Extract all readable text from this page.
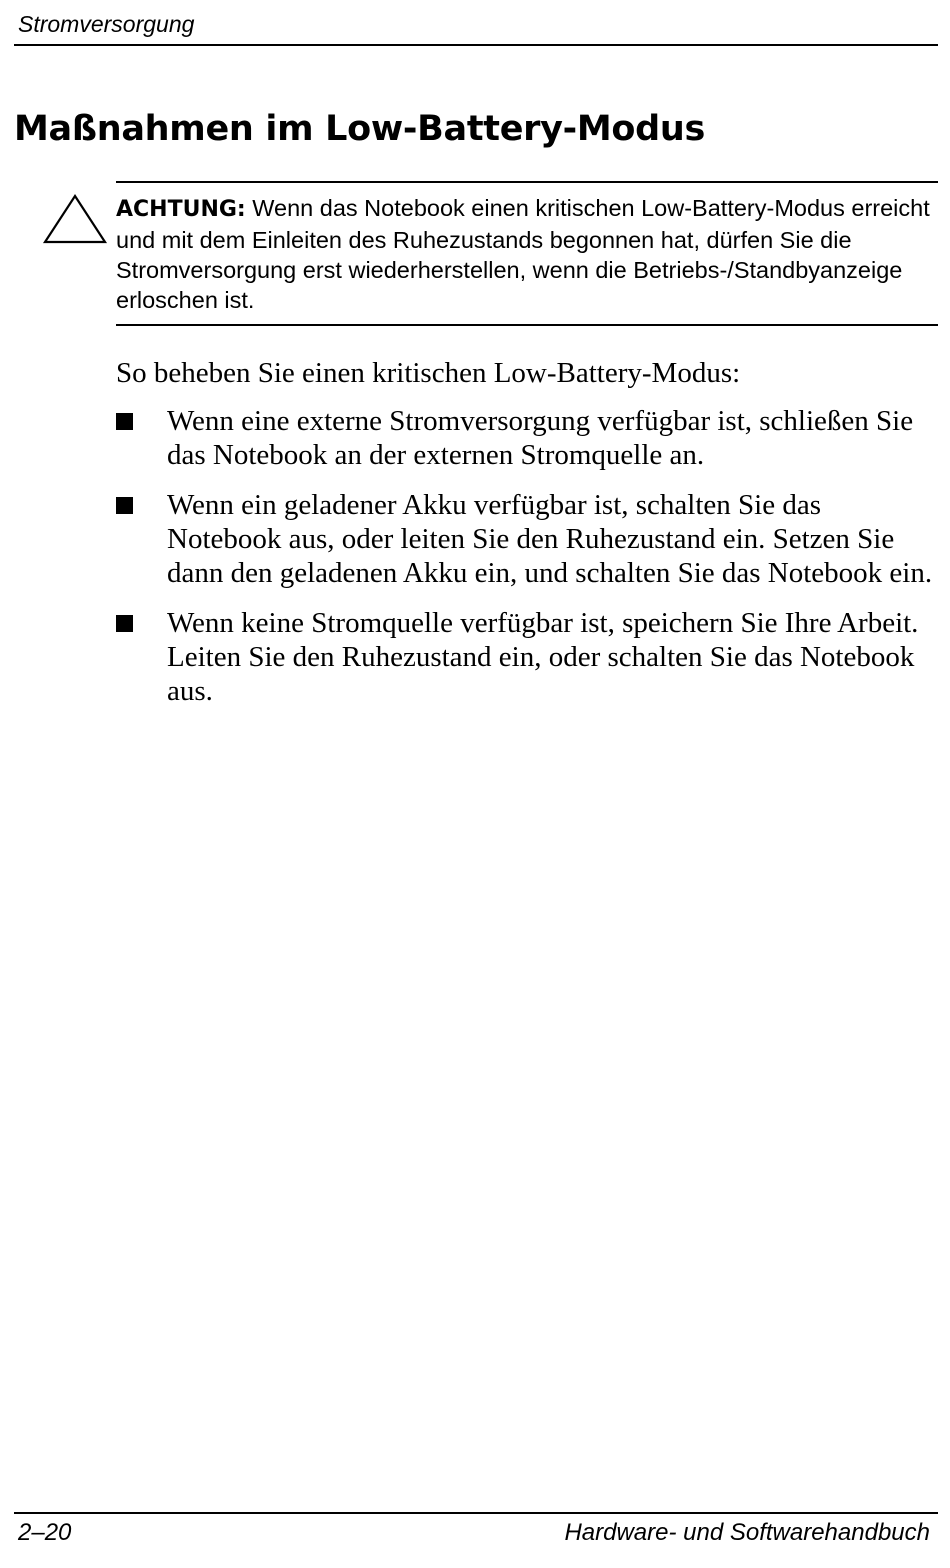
Stromversorgung
Maßnahmen im Low-Battery-Modus

ACHTUNG: Wenn das Notebook einen kritischen Low-Battery-Modus erreicht und mit dem Einleiten des Ruhezustands begonnen hat, dürfen Sie die Stromversorgung erst wiederherstellen, wenn die Betriebs-/Standbyanzeige erloschen ist.

So beheben Sie einen kritischen Low-Battery-Modus:

Wenn eine externe Stromversorgung verfügbar ist, schließen Sie das Notebook an der externen Stromquelle an.
Wenn ein geladener Akku verfügbar ist, schalten Sie das Notebook aus, oder leiten Sie den Ruhezustand ein. Setzen Sie dann den geladenen Akku ein, und schalten Sie das Notebook ein.
Wenn keine Stromquelle verfügbar ist, speichern Sie Ihre Arbeit. Leiten Sie den Ruhezustand ein, oder schalten Sie das Notebook aus.
2–20	Hardware- und Softwarehandbuch
